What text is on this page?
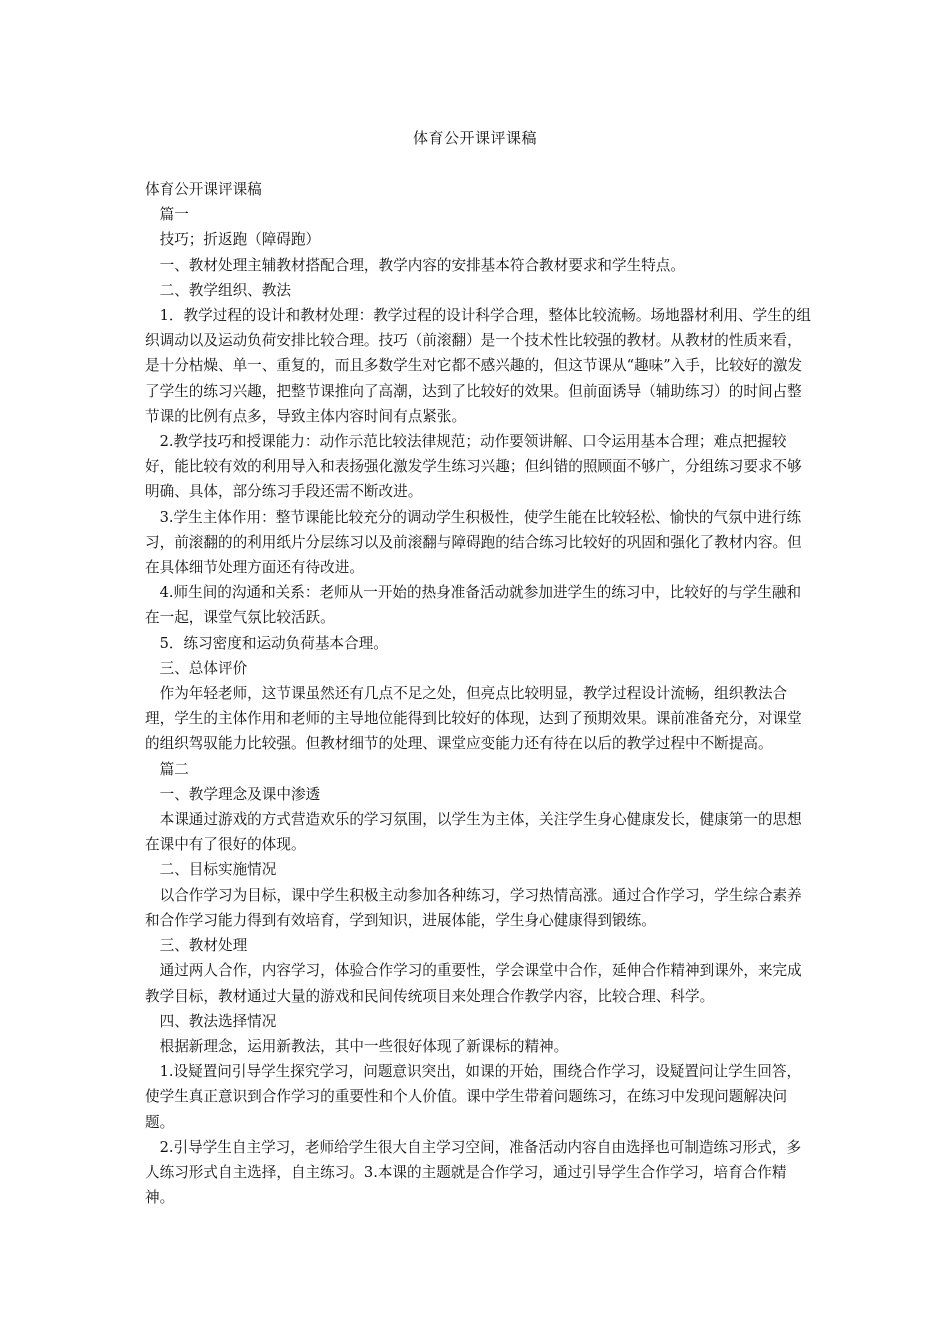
体育公开课评课稿

体育公开课评课稿

　篇一

　技巧；折返跑（障碍跑）

　一、教材处理主辅教材搭配合理，教学内容的安排基本符合教材要求和学生特点。

　二、教学组织、教法

　1．教学过程的设计和教材处理：教学过程的设计科学合理，整体比较流畅。场地器材利用、学生的组织调动以及运动负荷安排比较合理。技巧（前滚翻）是一个技术性比较强的教材。从教材的性质来看，是十分枯燥、单一、重复的，而且多数学生对它都不感兴趣的，但这节课从“趣味”入手，比较好的激发了学生的练习兴趣，把整节课推向了高潮，达到了比较好的效果。但前面诱导（辅助练习）的时间占整节课的比例有点多，导致主体内容时间有点紧张。

　2.教学技巧和授课能力：动作示范比较法律规范；动作要领讲解、口令运用基本合理；难点把握较好，能比较有效的利用导入和表扬强化激发学生练习兴趣；但纠错的照顾面不够广，分组练习要求不够明确、具体，部分练习手段还需不断改进。

　3.学生主体作用：整节课能比较充分的调动学生积极性，使学生能在比较轻松、愉快的气氛中进行练习，前滚翻的的利用纸片分层练习以及前滚翻与障碍跑的结合练习比较好的巩固和强化了教材内容。但在具体细节处理方面还有待改进。

　4.师生间的沟通和关系：老师从一开始的热身准备活动就参加进学生的练习中，比较好的与学生融和在一起，课堂气氛比较活跃。

　5．练习密度和运动负荷基本合理。

　三、总体评价

　作为年轻老师，这节课虽然还有几点不足之处，但亮点比较明显，教学过程设计流畅，组织教法合理，学生的主体作用和老师的主导地位能得到比较好的体现，达到了预期效果。课前准备充分，对课堂的组织驾驭能力比较强。但教材细节的处理、课堂应变能力还有待在以后的教学过程中不断提高。

　篇二

　一、教学理念及课中渗透

　本课通过游戏的方式营造欢乐的学习氛围，以学生为主体，关注学生身心健康发长，健康第一的思想在课中有了很好的体现。

　二、目标实施情况

　以合作学习为目标，课中学生积极主动参加各种练习，学习热情高涨。通过合作学习，学生综合素养和合作学习能力得到有效培育，学到知识，进展体能，学生身心健康得到锻练。

　三、教材处理

　通过两人合作，内容学习，体验合作学习的重要性，学会课堂中合作，延伸合作精神到课外，来完成教学目标，教材通过大量的游戏和民间传统项目来处理合作教学内容，比较合理、科学。

　四、教法选择情况

　根据新理念，运用新教法，其中一些很好体现了新课标的精神。

　1.设疑置问引导学生探究学习，问题意识突出，如课的开始，围绕合作学习，设疑置问让学生回答，使学生真正意识到合作学习的重要性和个人价值。课中学生带着问题练习，在练习中发现问题解决问题。

　2.引导学生自主学习，老师给学生很大自主学习空间，准备活动内容自由选择也可制造练习形式，多人练习形式自主选择，自主练习。3.本课的主题就是合作学习，通过引导学生合作学习，培育合作精神。
